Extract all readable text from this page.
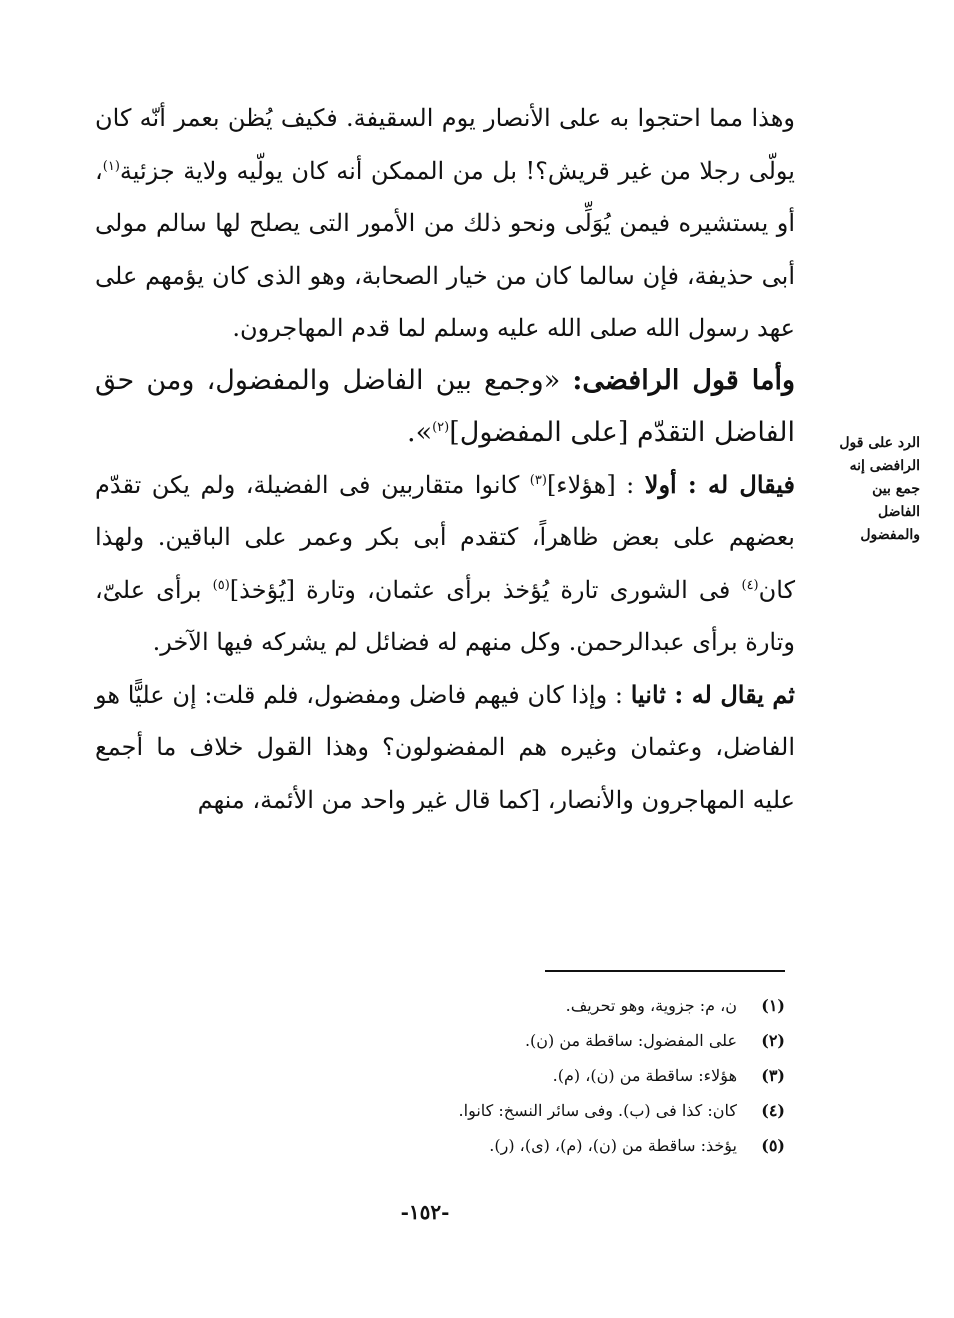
وهذا مما احتجوا به على الأنصار يوم السقيفة. فكيف يُظن بعمر أنّه كان يولّى رجلا من غير قريش؟! بل من الممكن أنه كان يولّيه ولاية جزئية$^{(١)}$، أو يستشيره فيمن يُوَلِّى ونحو ذلك من الأمور التى يصلح لها سالم مولى أبى حذيفة، فإن سالما كان من خيار الصحابة، وهو الذى كان يؤمهم على عهد رسول الله صلى الله عليه وسلم لما قدم المهاجرون.

وأما قول الرافضى: «وجمع بين الفاضل والمفضول، ومن حق الفاضل التقدّم [على المفضول]$^{(٢)}$».

فيقال له : أولا : [هؤلاء]$^{(٣)}$ كانوا متقاربين فى الفضيلة، ولم يكن تقدّم بعضهم على بعض ظاهراً، كتقدم أبى بكر وعمر على الباقين. ولهذا كان$^{(٤)}$ فى الشورى تارة يُؤخذ برأى عثمان، وتارة [يُؤخذ]$^{(٥)}$ برأى علىّ، وتارة برأى عبدالرحمن. وكل منهم له فضائل لم يشركه فيها الآخر.

ثم يقال له : ثانيا : وإذا كان فيهم فاضل ومفضول، فلم قلت: إن عليًّا هو الفاضل، وعثمان وغيره هم المفضولون؟ وهذا القول خلاف ما أجمع عليه المهاجرون والأنصار، [كما قال غير واحد من الأئمة، منهم

الرد على قول
الرافضى إنه
جمع بين
الفاضل
والمفضول
(١)ن، م: جزوية، وهو تحريف.
(٢)على المفضول: ساقطة من (ن).
(٣)هؤلاء: ساقطة من (ن)، (م).
(٤)كان: كذا فى (ب). وفى سائر النسخ: كانوا.
(٥)يؤخذ: ساقطة من (ن)، (م)، (ى)، (ر).
-١٥٢-
